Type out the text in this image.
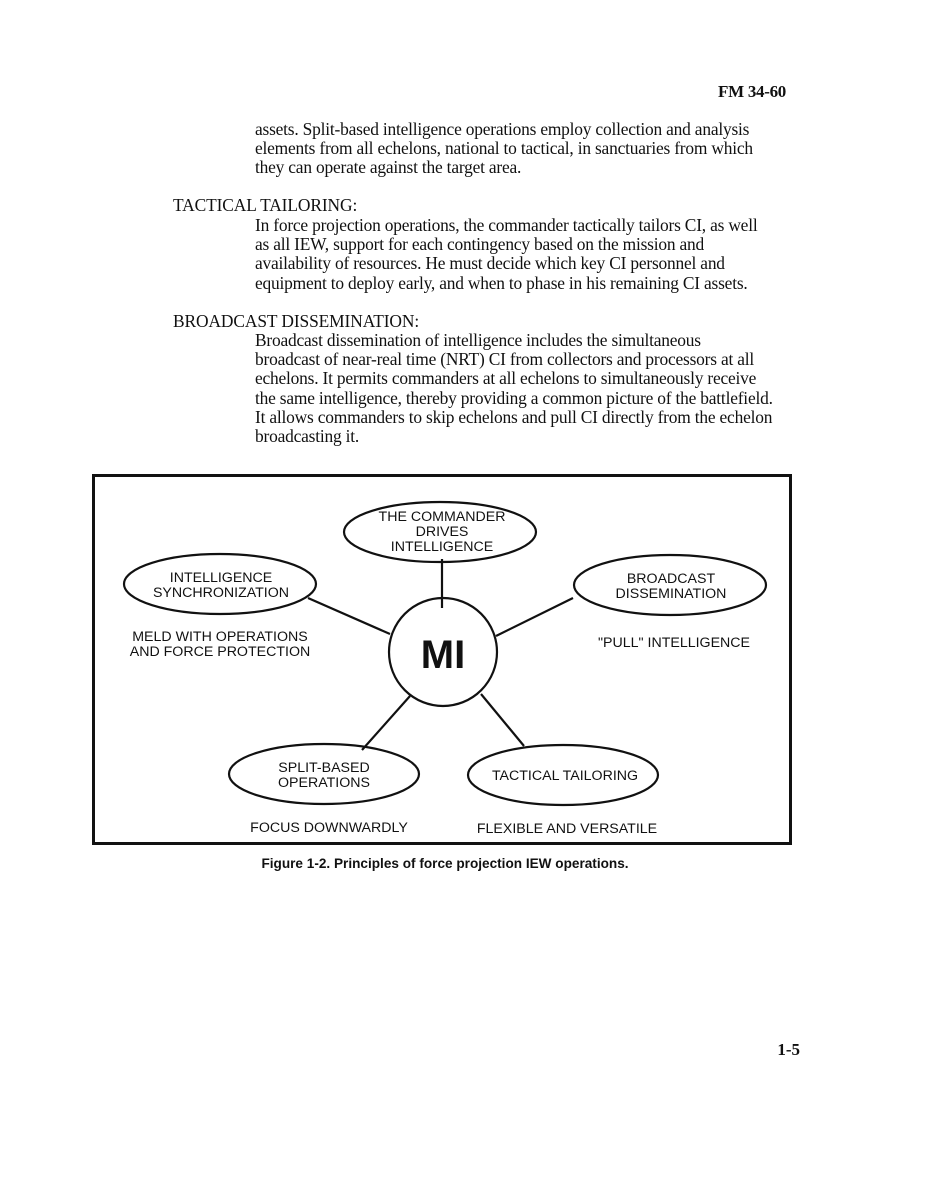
FM 34-60

assets. Split-based intelligence operations employ collection and analysis
elements from all echelons, national to tactical, in sanctuaries from which
they can operate against the target area.

TACTICAL TAILORING:

In force projection operations, the commander tactically tailors CI, as well
as all IEW, support for each contingency based on the mission and
availability of resources. He must decide which key CI personnel and
equipment to deploy early, and when to phase in his remaining CI assets.

BROADCAST DISSEMINATION:

Broadcast dissemination of intelligence includes the simultaneous
broadcast of near-real time (NRT) CI from collectors and processors at all
echelons. It permits commanders at all echelons to simultaneously receive
the same intelligence, thereby providing a common picture of the battlefield.
It allows commanders to skip echelons and pull CI directly from the echelon
broadcasting it.

MI
THE COMMANDER
DRIVES
INTELLIGENCE
INTELLIGENCE
SYNCHRONIZATION
BROADCAST
DISSEMINATION
SPLIT-BASED
OPERATIONS	TACTICAL TAILORING
MELD WITH OPERATIONS
AND FORCE PROTECTION
"PULL" INTELLIGENCE
FOCUS DOWNWARDLY	FLEXIBLE AND VERSATILE
Figure 1-2. Principles of force projection IEW operations.
1-5
